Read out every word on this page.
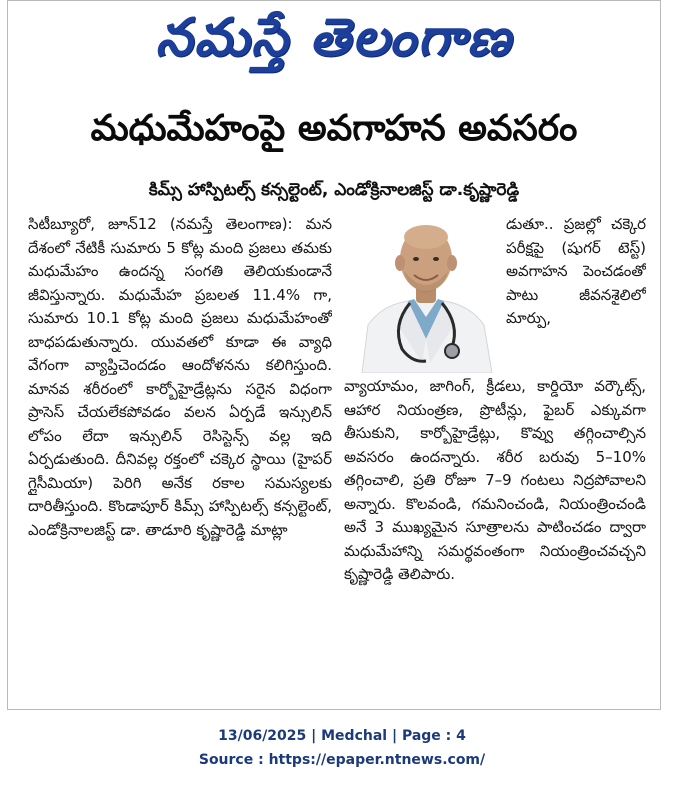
నమస్తే తెలంగాణ
మధుమేహంపై అవగాహన అవసరం
కిమ్స్ హాస్పిటల్స్ కన్సల్టెంట్, ఎండోక్రినాలజిస్ట్ డా.కృష్ణారెడ్డి

సిటీబ్యూరో, జూన్12 (నమస్తే తెలంగాణ): మన దేశంలో నేటికీ సుమారు 5 కోట్ల మంది ప్రజలు తమకు మధుమేహం ఉందన్న సంగతి తెలియకుండానే జీవిస్తున్నారు. మధుమేహ ప్రబలత 11.4% గా, సుమారు 10.1 కోట్ల మంది ప్రజలు మధుమేహంతో బాధపడుతున్నారు. యువతలో కూడా ఈ వ్యాధి వేగంగా వ్యాప్తిచెందడం ఆందోళనను కలిగిస్తుంది. మానవ శరీరంలో కార్బోహైడ్రేట్లను సరైన విధంగా ప్రాసెస్ చేయలేకపోవడం వలన ఏర్పడే ఇన్సులిన్ లోపం లేదా ఇన్సులిన్ రెసిస్టెన్స్ వల్ల ఇది ఏర్పడుతుంది. దీనివల్ల రక్తంలో చక్కెర స్థాయి (హైపర్ గ్లైసీమియా) పెరిగి అనేక రకాల సమస్యలకు దారితీస్తుంది. కొండాపూర్ కిమ్స్ హాస్పిటల్స్ కన్సల్టెంట్, ఎండోక్రినాలజిస్ట్ డా. తాడూరి కృష్ణారెడ్డి మాట్లా

డుతూ.. ప్రజల్లో చక్కెర పరీక్షపై (షుగర్ టెస్ట్) అవగాహన పెంచడంతో పాటు జీవనశైలిలో మార్పు,

వ్యాయామం, జాగింగ్, క్రీడలు, కార్డియో వర్కౌట్స్, ఆహార నియంత్రణ, ప్రొటీన్లు, ఫైబర్ ఎక్కువగా తీసుకుని, కార్బోహైడ్రేట్లు, కొవ్వు తగ్గించాల్సిన అవసరం ఉందన్నారు. శరీర బరువు 5–10% తగ్గించాలి, ప్రతి రోజూ 7–9 గంటలు నిద్రపోవాలని అన్నారు. కొలవండి, గమనించండి, నియంత్రించండి అనే 3 ముఖ్యమైన సూత్రాలను పాటించడం ద్వారా మధుమేహాన్ని సమర్థవంతంగా నియంత్రించవచ్చని కృష్ణారెడ్డి తెలిపారు.

13/06/2025 | Medchal | Page : 4
Source : https://epaper.ntnews.com/
